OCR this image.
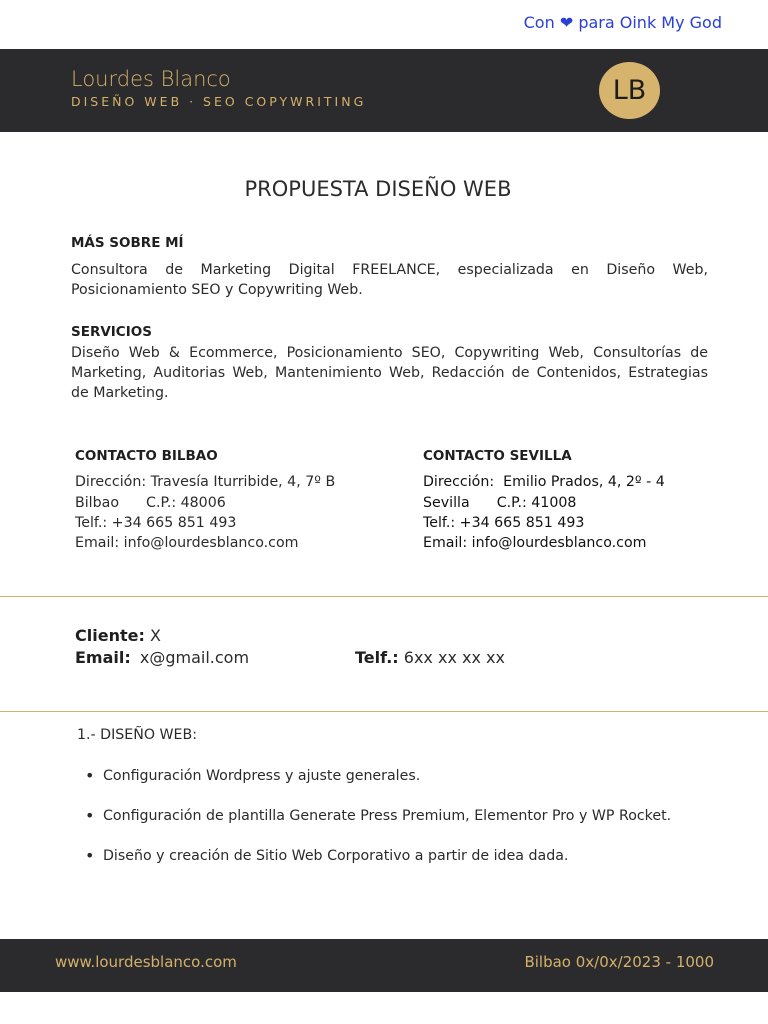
Con ❤ para Oink My God
Lourdes Blanco
DISEÑO WEB · SEO COPYWRITING	LB
PROPUESTA DISEÑO WEB
MÁS SOBRE MÍ
Consultora de Marketing Digital FREELANCE, especializada en Diseño Web, Posicionamiento SEO y Copywriting Web.
SERVICIOS
Diseño Web & Ecommerce, Posicionamiento SEO, Copywriting Web, Consultorías de Marketing, Auditorias Web, Mantenimiento Web, Redacción de Contenidos, Estrategias de Marketing.
CONTACTO BILBAO
Dirección: Travesía Iturribide, 4, 7º B
Bilbao      C.P.: 48006
Telf.: +34 665 851 493
Email: info@lourdesblanco.com
CONTACTO SEVILLA
Dirección:  Emilio Prados, 4, 2º - 4
Sevilla      C.P.: 41008
Telf.: +34 665 851 493
Email: info@lourdesblanco.com
Cliente: X
Email: x@gmail.com	Telf.: 6xx xx xx xx
1.- DISEÑO WEB:
• Configuración Wordpress y ajuste generales.
• Configuración de plantilla Generate Press Premium, Elementor Pro y WP Rocket.
• Diseño y creación de Sitio Web Corporativo a partir de idea dada.
www.lourdesblanco.com	Bilbao 0x/0x/2023 - 1000
